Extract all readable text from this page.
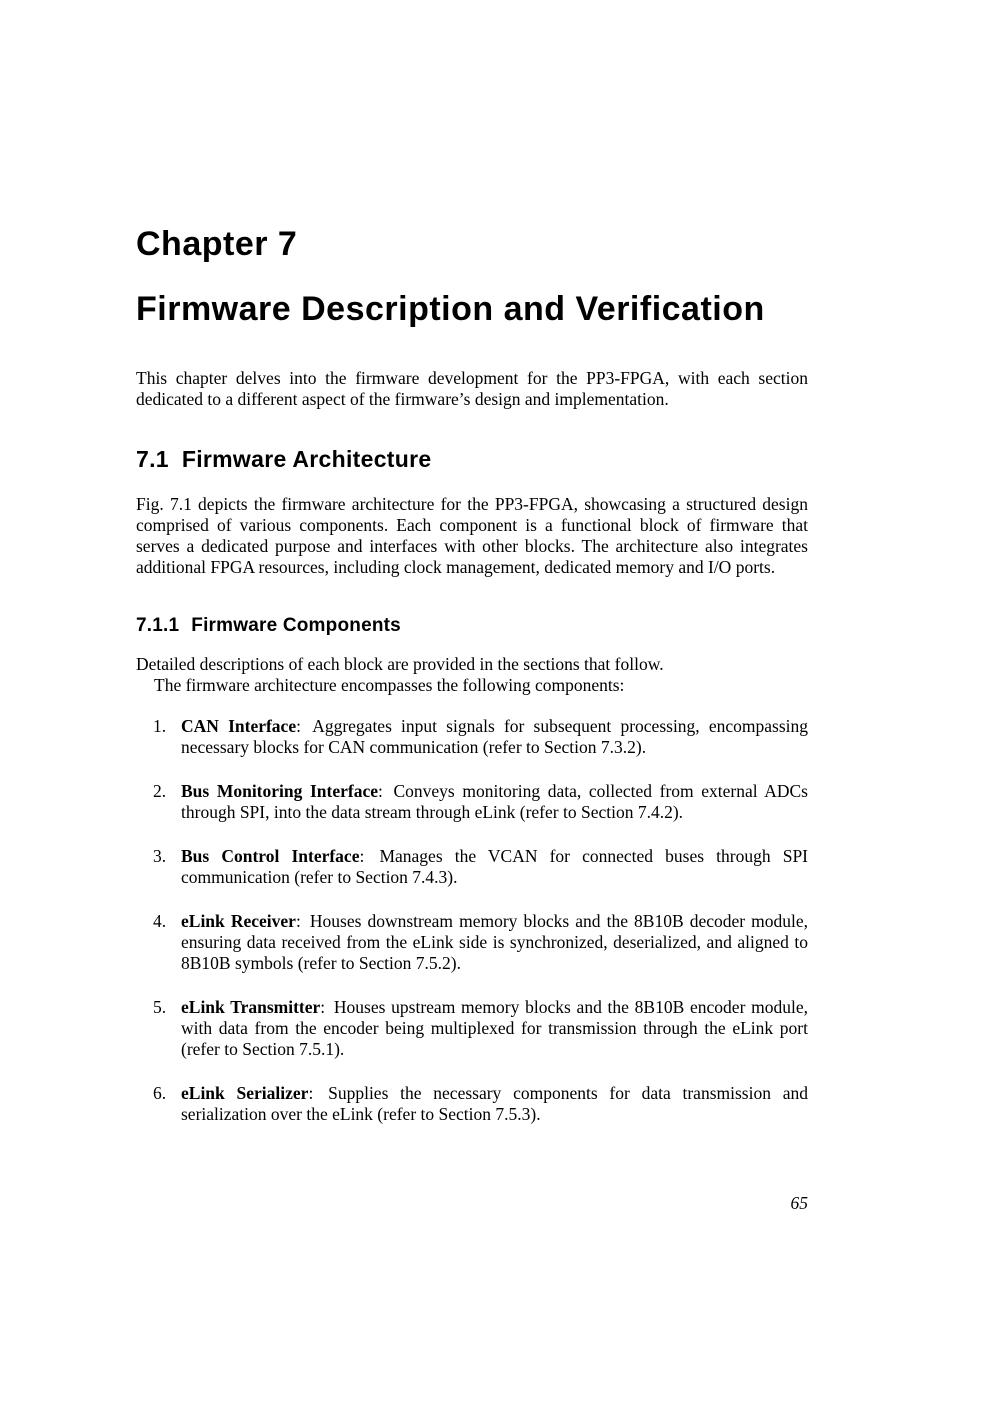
Chapter 7
Firmware Description and Verification

This chapter delves into the firmware development for the PP3-FPGA, with each section dedicated to a different aspect of the firmware’s design and implementation.

7.1 Firmware Architecture

Fig. 7.1 depicts the firmware architecture for the PP3-FPGA, showcasing a structured design comprised of various components. Each component is a functional block of firmware that serves a dedicated purpose and interfaces with other blocks. The architecture also integrates additional FPGA resources, including clock management, dedicated memory and I/O ports.

7.1.1 Firmware Components

Detailed descriptions of each block are provided in the sections that follow.

The firmware architecture encompasses the following components:

1. CAN Interface: Aggregates input signals for subsequent processing, encompassing necessary blocks for CAN communication (refer to Section 7.3.2).
2. Bus Monitoring Interface: Conveys monitoring data, collected from external ADCs through SPI, into the data stream through eLink (refer to Section 7.4.2).
3. Bus Control Interface: Manages the VCAN for connected buses through SPI communication (refer to Section 7.4.3).
4. eLink Receiver: Houses downstream memory blocks and the 8B10B decoder module, ensuring data received from the eLink side is synchronized, deserialized, and aligned to 8B10B symbols (refer to Section 7.5.2).
5. eLink Transmitter: Houses upstream memory blocks and the 8B10B encoder module, with data from the encoder being multiplexed for transmission through the eLink port (refer to Section 7.5.1).
6. eLink Serializer: Supplies the necessary components for data transmission and serialization over the eLink (refer to Section 7.5.3).
65
